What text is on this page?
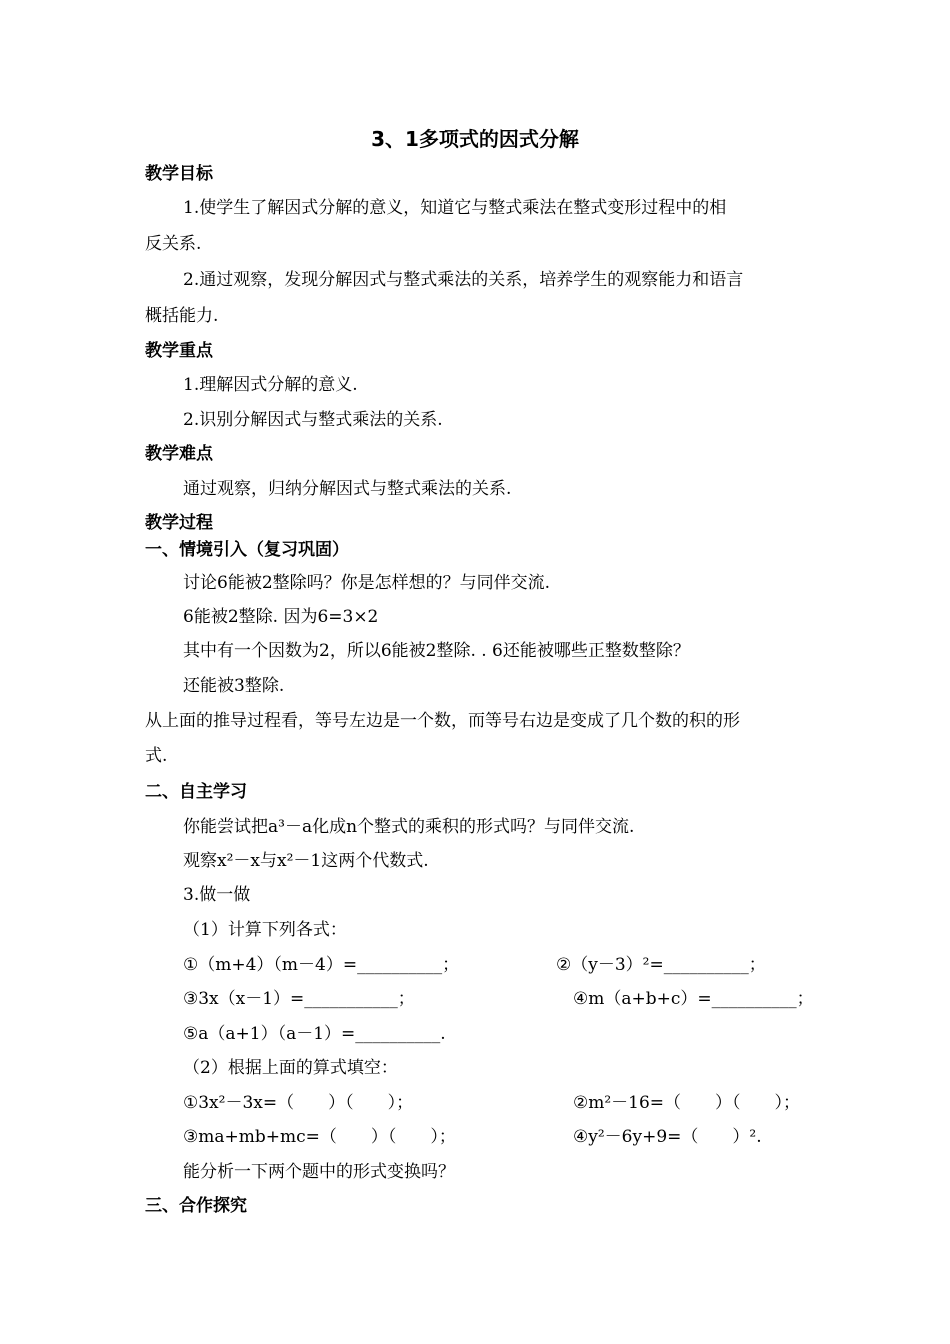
3、1多项式的因式分解
教学目标
1.使学生了解因式分解的意义，知道它与整式乘法在整式变形过程中的相
反关系.
2.通过观察，发现分解因式与整式乘法的关系，培养学生的观察能力和语言
概括能力.
教学重点
1.理解因式分解的意义.
2.识别分解因式与整式乘法的关系.
教学难点
通过观察，归纳分解因式与整式乘法的关系.
教学过程
一、情境引入（复习巩固）
讨论6能被2整除吗？你是怎样想的？与同伴交流.
6能被2整除. 因为6=3×2
其中有一个因数为2，所以6能被2整除. . 6还能被哪些正整数整除？
还能被3整除.
从上面的推导过程看，等号左边是一个数，而等号右边是变成了几个数的积的形
式.
二、自主学习
你能尝试把a³－a化成n个整式的乘积的形式吗？与同伴交流.
观察x²－x与x²－1这两个代数式.
3.做一做
（1）计算下列各式：
①（m+4）（m－4）=__________；	②（y－3）²=__________；
③3x（x－1）=___________；	④m（a+b+c）=__________；
⑤a（a+1）（a－1）=__________.
（2）根据上面的算式填空：
①3x²－3x=（　　）（　　）；	②m²－16=（　　）（　　）；
③ma+mb+mc=（　　）（　　）；	④y²－6y+9=（　　）².
能分析一下两个题中的形式变换吗？
三、合作探究
